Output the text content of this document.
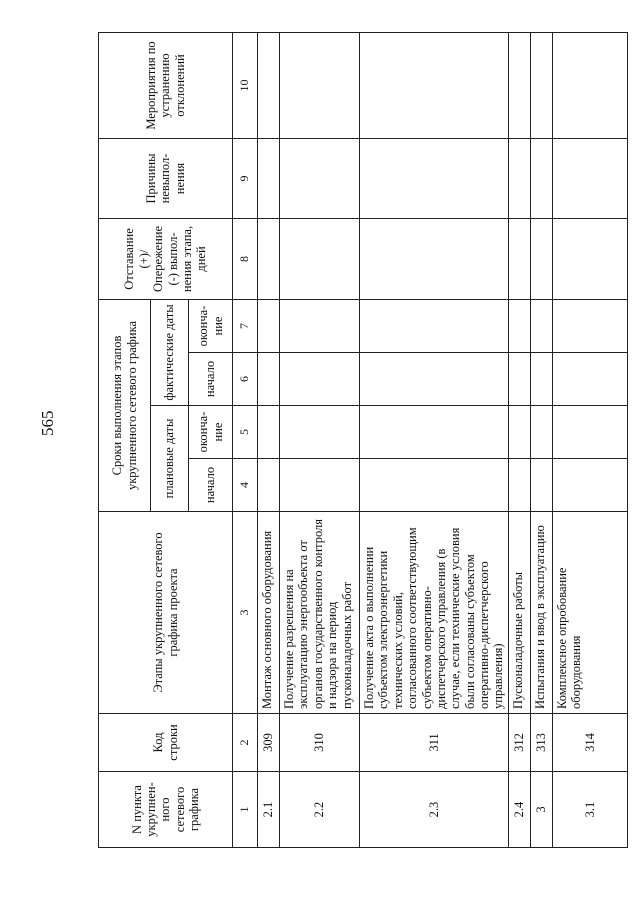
565
N пункта укрупнен-ного сетевого графика	Код строки	Этапы укрупненного сетевого графика проекта	Сроки выполнения этапов укрупненного сетевого графика				Отставание (+)/ Опережение (-) выпол-нения этапа, дней	Причины невыпол-нения	Мероприятия по устранению отклонений
			плановые даты		фактические даты				
			начало	оконча-ние	начало	оконча-ние			
1	2	3	4	5	6	7	8	9	10
2.1	309	Монтаж основного оборудования							
2.2	310	Получение разрешения на эксплуатацию энергообъекта от органов государственного контроля и надзора на период пусконаладочных работ							
2.3	311	Получение акта о выполнении субъектом электроэнергетики технических условий, согласованного соответствующим субъектом оперативно-диспетчерского управления (в случае, если технические условия были согласованы субъектом оперативно-диспетчерского управления)							
2.4	312	Пусконаладочные работы							
3	313	Испытания и ввод в эксплуатацию							
3.1	314	Комплексное опробование оборудования							
